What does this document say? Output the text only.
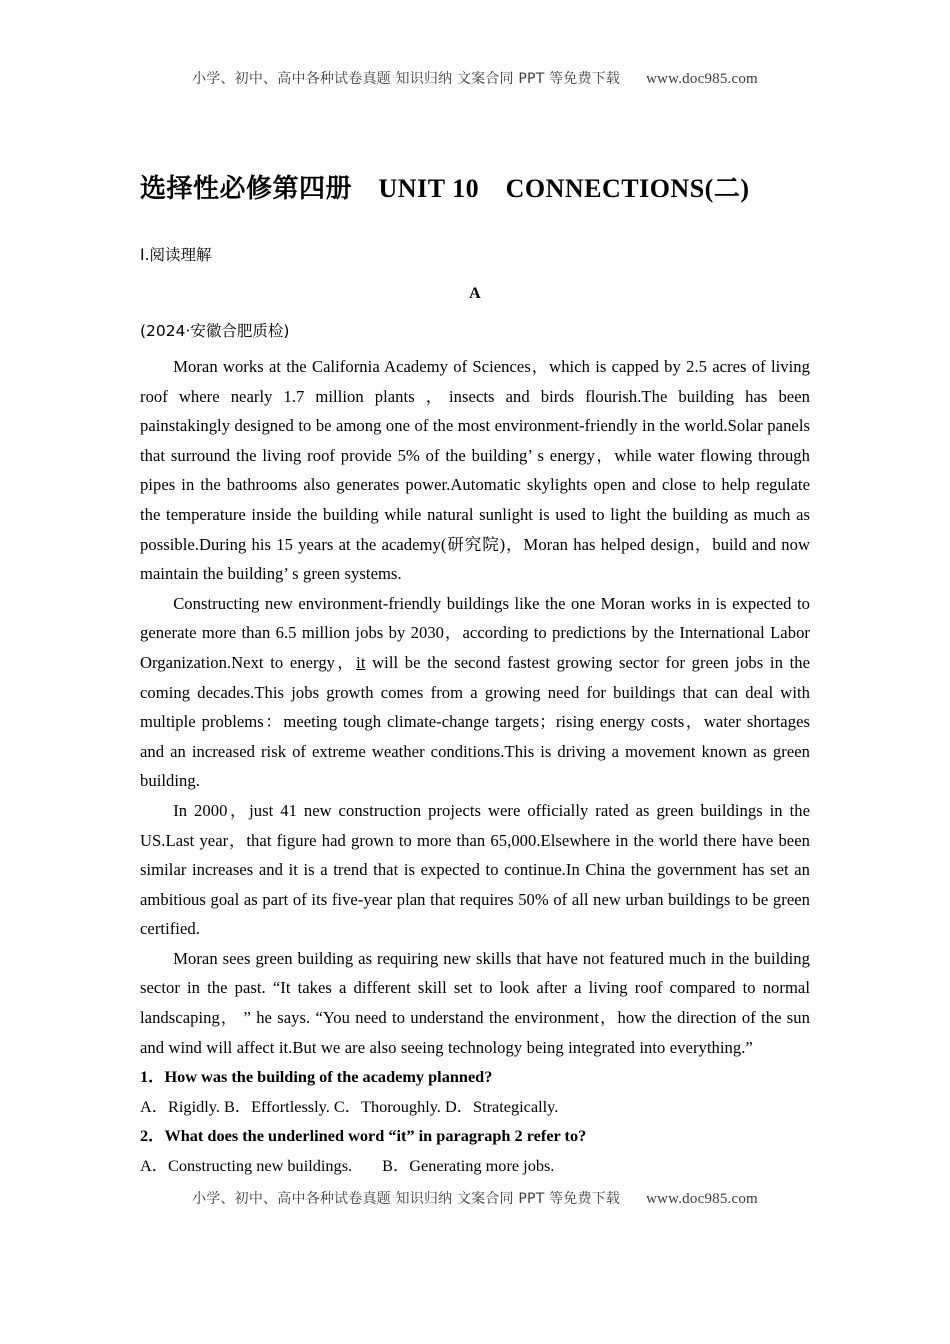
小学、初中、高中各种试卷真题 知识归纳 文案合同 PPT 等免费下载 www.doc985.com
选择性必修第四册　 UNIT 10　CONNECTIONS(二)
Ⅰ.阅读理解
A
(2024·安徽合肥质检)

Moran works at the California Academy of Sciences，which is capped by 2.5 acres of living roof where nearly 1.7 million plants ，insects and birds flourish.The building has been painstakingly designed to be among one of the most environment-friendly in the world.Solar panels that surround the living roof provide 5% of the building’ s energy，while water flowing through pipes in the bathrooms also generates power.Automatic skylights open and close to help regulate the temperature inside the building while natural sunlight is used to light the building as much as possible.During his 15 years at the academy(研究院)，Moran has helped design，build and now maintain the building’ s green systems.

Constructing new environment-friendly buildings like the one Moran works in is expected to generate more than 6.5 million jobs by 2030，according to predictions by the International Labor Organization.Next to energy，it will be the second fastest growing sector for green jobs in the coming decades.This jobs growth comes from a growing need for buildings that can deal with multiple problems：meeting tough climate-change targets；rising energy costs，water shortages and an increased risk of extreme weather conditions.This is driving a movement known as green building.

In 2000，just 41 new construction projects were officially rated as green buildings in the US.Last year，that figure had grown to more than 65,000.Elsewhere in the world there have been similar increases and it is a trend that is expected to continue.In China the government has set an ambitious goal as part of its five-year plan that requires 50% of all new urban buildings to be green certified.

Moran sees green building as requiring new skills that have not featured much in the building sector in the past. “It takes a different skill set to look after a living roof compared to normal landscaping， ” he says. “You need to understand the environment，how the direction of the sun and wind will affect it.But we are also seeing technology being integrated into everything.”

1．How was the building of the academy planned?
A．Rigidly. B．Effortlessly. C．Thoroughly. D．Strategically.
2．What does the underlined word “it” in paragraph 2 refer to?
A．Constructing new buildings. B．Generating more jobs.
小学、初中、高中各种试卷真题 知识归纳 文案合同 PPT 等免费下载 www.doc985.com
